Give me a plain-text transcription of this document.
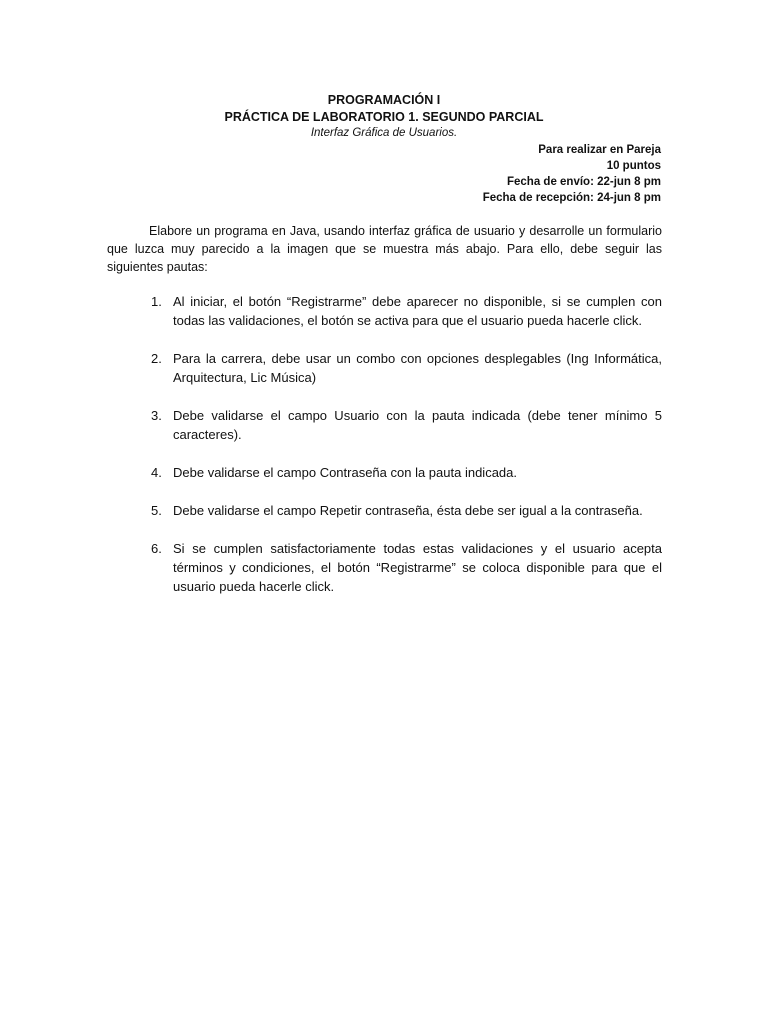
PROGRAMACIÓN I
PRÁCTICA DE LABORATORIO 1. SEGUNDO PARCIAL
Interfaz Gráfica de Usuarios.
Para realizar en Pareja
10 puntos
Fecha de envío: 22-jun 8 pm
Fecha de recepción: 24-jun 8 pm
Elabore un programa en Java, usando interfaz gráfica de usuario y desarrolle un formulario que luzca muy parecido a la imagen que se muestra más abajo. Para ello, debe seguir las siguientes pautas:
1. Al iniciar, el botón “Registrarme” debe aparecer no disponible, si se cumplen con todas las validaciones, el botón se activa para que el usuario pueda hacerle click.
2. Para la carrera, debe usar un combo con opciones desplegables (Ing Informática, Arquitectura, Lic Música)
3. Debe validarse el campo Usuario con la pauta indicada (debe tener mínimo 5 caracteres).
4. Debe validarse el campo Contraseña con la pauta indicada.
5. Debe validarse el campo Repetir contraseña, ésta debe ser igual a la contraseña.
6. Si se cumplen satisfactoriamente todas estas validaciones y el usuario acepta términos y condiciones, el botón “Registrarme” se coloca disponible para que el usuario pueda hacerle click.
